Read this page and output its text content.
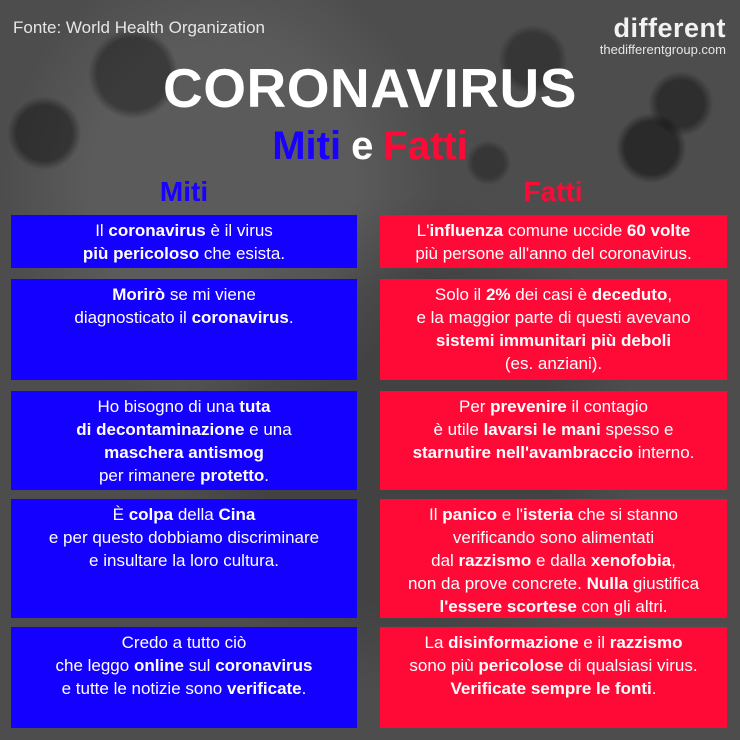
Fonte: World Health Organization	different
thedifferentgroup.com
CORONAVIRUS
Miti e Fatti
Miti	Fatti
Il coronavirus è il virus
più pericoloso che esista.
L'influenza comune uccide 60 volte
più persone all'anno del coronavirus.
Morirò se mi viene
diagnosticato il coronavirus.
Solo il 2% dei casi è deceduto,
e la maggior parte di questi avevano
sistemi immunitari più deboli
(es. anziani).
Ho bisogno di una tuta
di decontaminazione e una
maschera antismog
per rimanere protetto.
Per prevenire il contagio
è utile lavarsi le mani spesso e
starnutire nell'avambraccio interno.
È colpa della Cina
e per questo dobbiamo discriminare
e insultare la loro cultura.
Il panico e l'isteria che si stanno
verificando sono alimentati
dal razzismo e dalla xenofobia,
non da prove concrete. Nulla giustifica
l'essere scortese con gli altri.
Credo a tutto ciò
che leggo online sul coronavirus
e tutte le notizie sono verificate.
La disinformazione e il razzismo
sono più pericolose di qualsiasi virus.
Verificate sempre le fonti.
